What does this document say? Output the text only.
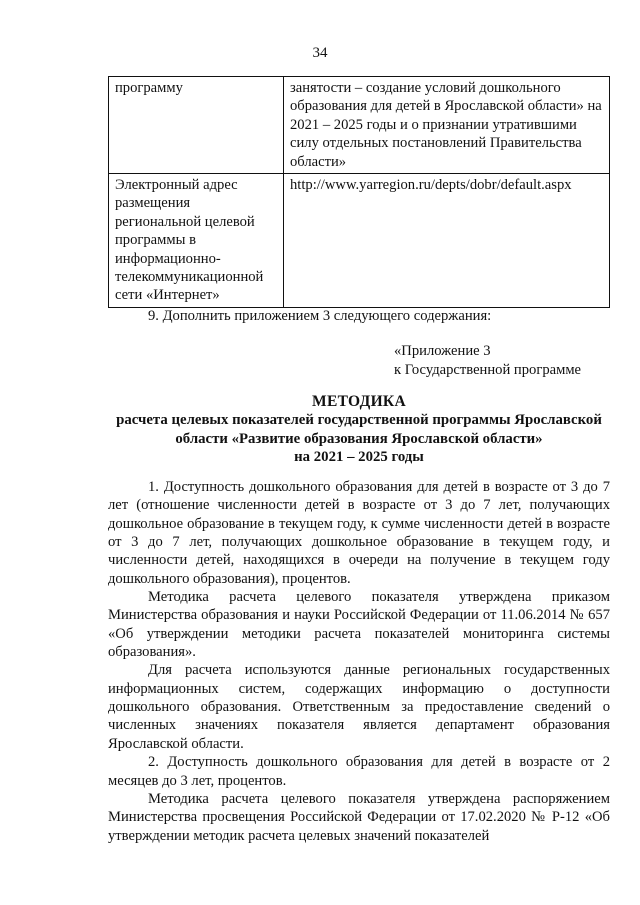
34
программу	занятости – создание условий дошкольного образования для детей в Ярославской области» на 2021 – 2025 годы и о признании утратившими силу отдельных постановлений Правительства области»
Электронный адрес размещения региональной целевой программы в информационно-телекоммуникационной сети «Интернет»	http://www.yarregion.ru/depts/dobr/default.aspx
9. Дополнить приложением 3 следующего содержания:
«Приложение 3
к Государственной программе
МЕТОДИКА
расчета целевых показателей государственной программы Ярославской
области «Развитие образования Ярославской области»
на 2021 – 2025 годы

1. Доступность дошкольного образования для детей в возрасте от 3 до 7 лет (отношение численности детей в возрасте от 3 до 7 лет, получающих дошкольное образование в текущем году, к сумме численности детей в возрасте от 3 до 7 лет, получающих дошкольное образование в текущем году, и численности детей, находящихся в очереди на получение в текущем году дошкольного образования), процентов.

Методика расчета целевого показателя утверждена приказом Министерства образования и науки Российской Федерации от 11.06.2014 № 657 «Об утверждении методики расчета показателей мониторинга системы образования».

Для расчета используются данные региональных государственных информационных систем, содержащих информацию о доступности дошкольного образования. Ответственным за предоставление сведений о численных значениях показателя является департамент образования Ярославской области.

2. Доступность дошкольного образования для детей в возрасте от 2 месяцев до 3 лет, процентов.

Методика расчета целевого показателя утверждена распоряжением Министерства просвещения Российской Федерации от 17.02.2020 № Р-12 «Об утверждении методик расчета целевых значений показателей
